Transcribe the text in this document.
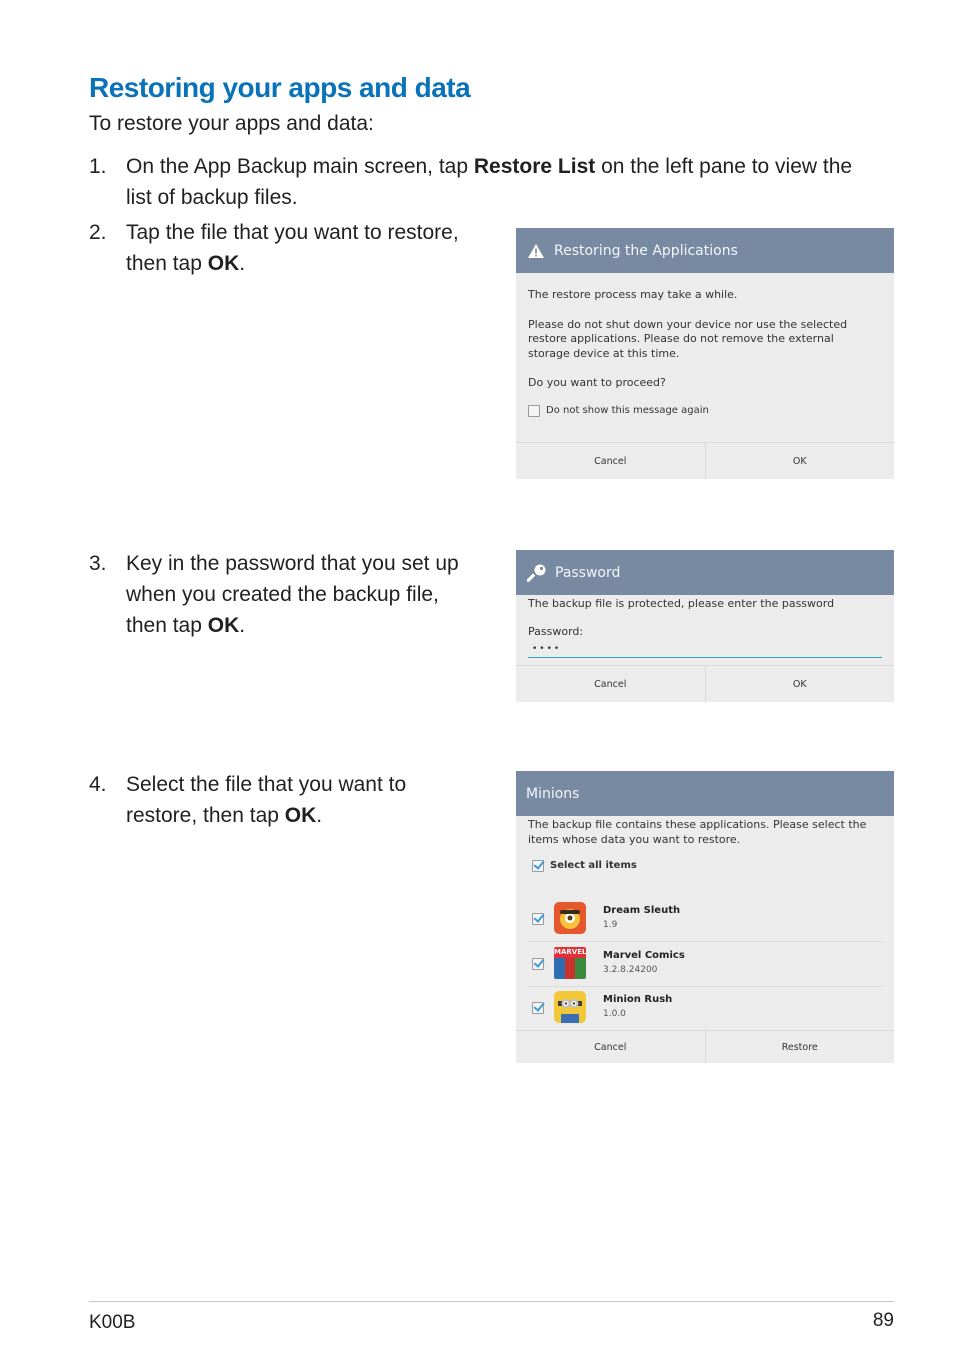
Restoring your apps and data
To restore your apps and data:
1. On the App Backup main screen, tap Restore List on the left pane to view the
list of backup files.
2. Tap the file that you want to restore,
then tap OK.
3. Key in the password that you set up
when you created the backup file,
then tap OK.
4. Select the file that you want to
restore, then tap OK.
Restoring the Applications
The restore process may take a while.
Please do not shut down your device nor use the selected
restore applications. Please do not remove the external
storage device at this time.
Do you want to proceed?
Do not show this message again
Cancel	OK
Password
The backup file is protected, please enter the password
Password:
••••
Cancel	OK
Minions
The backup file contains these applications. Please select the
items whose data you want to restore.
Select all items
Dream Sleuth
1.9
MARVEL Marvel Comics
3.2.8.24200
Minion Rush
1.0.0
Cancel	Restore
K00B	89
